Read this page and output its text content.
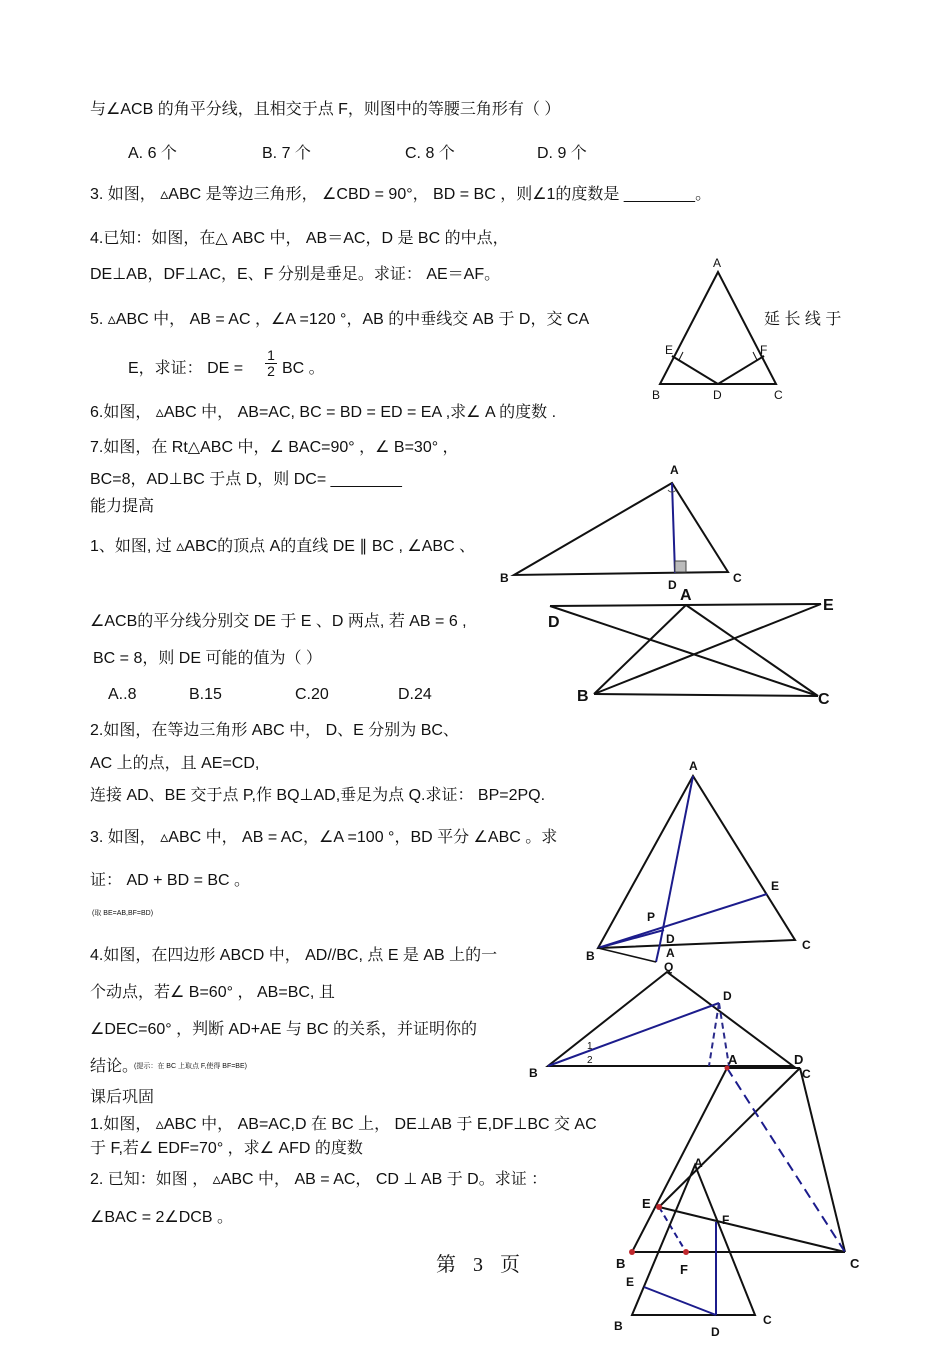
与∠ACB 的角平分线，且相交于点 F，则图中的等腰三角形有（ ）
A. 6 个	B. 7 个	C. 8 个	D. 9 个
3. 如图， ▵ABC 是等边三角形， ∠CBD = 90°， BD = BC ，则∠1的度数是 ________。
4.已知：如图，在△ ABC 中， AB＝AC，D 是 BC 的中点，
DE⊥AB，DF⊥AC，E、F 分别是垂足。求证： AE＝AF。
5. ▵ABC 中， AB = AC ，∠A =120 °，AB 的中垂线交 AB 于 D，交 CA	延 长 线 于
E，求证： DE =
1
2 BC 。
6.如图， ▵ABC 中， AB=AC, BC = BD = ED = EA ,求∠ A 的度数 .
7.如图，在 Rt△ABC 中，∠ BAC=90° ，∠ B=30° ，
BC=8，AD⊥BC 于点 D，则 DC= ________
能力提高
1、如图, 过 ▵ABC的顶点 A的直线 DE ∥ BC , ∠ABC 、
∠ACB的平分线分别交 DE 于 E 、D 两点, 若 AB = 6 ,
BC = 8，则 DE 可能的值为（ ）
A..8	B.15	C.20	D.24
2.如图，在等边三角形 ABC 中， D、E 分别为 BC、
AC 上的点，且 AE=CD,
连接 AD、BE 交于点 P,作 BQ⊥AD,垂足为点 Q.求证： BP=2PQ.
3. 如图， ▵ABC 中， AB = AC，∠A =100 °，BD 平分 ∠ABC 。求
证： AD + BD = BC 。
(取 BE=AB,BF=BD)
4.如图，在四边形 ABCD 中， AD//BC, 点 E 是 AB 上的一
个动点，若∠ B=60° ， AB=BC, 且
∠DEC=60° ，判断 AD+AE 与 BC 的关系，并证明你的
结论。
(提示：在 BC 上取点 F,使得 BF=BE)
课后巩固
1.如图， ▵ABC 中， AB=AC,D 在 BC 上， DE⊥AB 于 E,DF⊥BC 交 AC
于 F,若∠ EDF=70° ，求∠ AFD 的度数
2. 已知：如图 ， ▵ABC 中， AB = AC， CD ⊥ AB 于 D。求证 ：
∠BAC = 2∠DCB 。
第 3 页
A
B	C
D
E	F
A
B	C
D
A
D
E
B	C
A
B
C
D
E
P
Q
A
B	C
D
1
2	A	D
E
B	F	C
A
F
E
B	D
C
